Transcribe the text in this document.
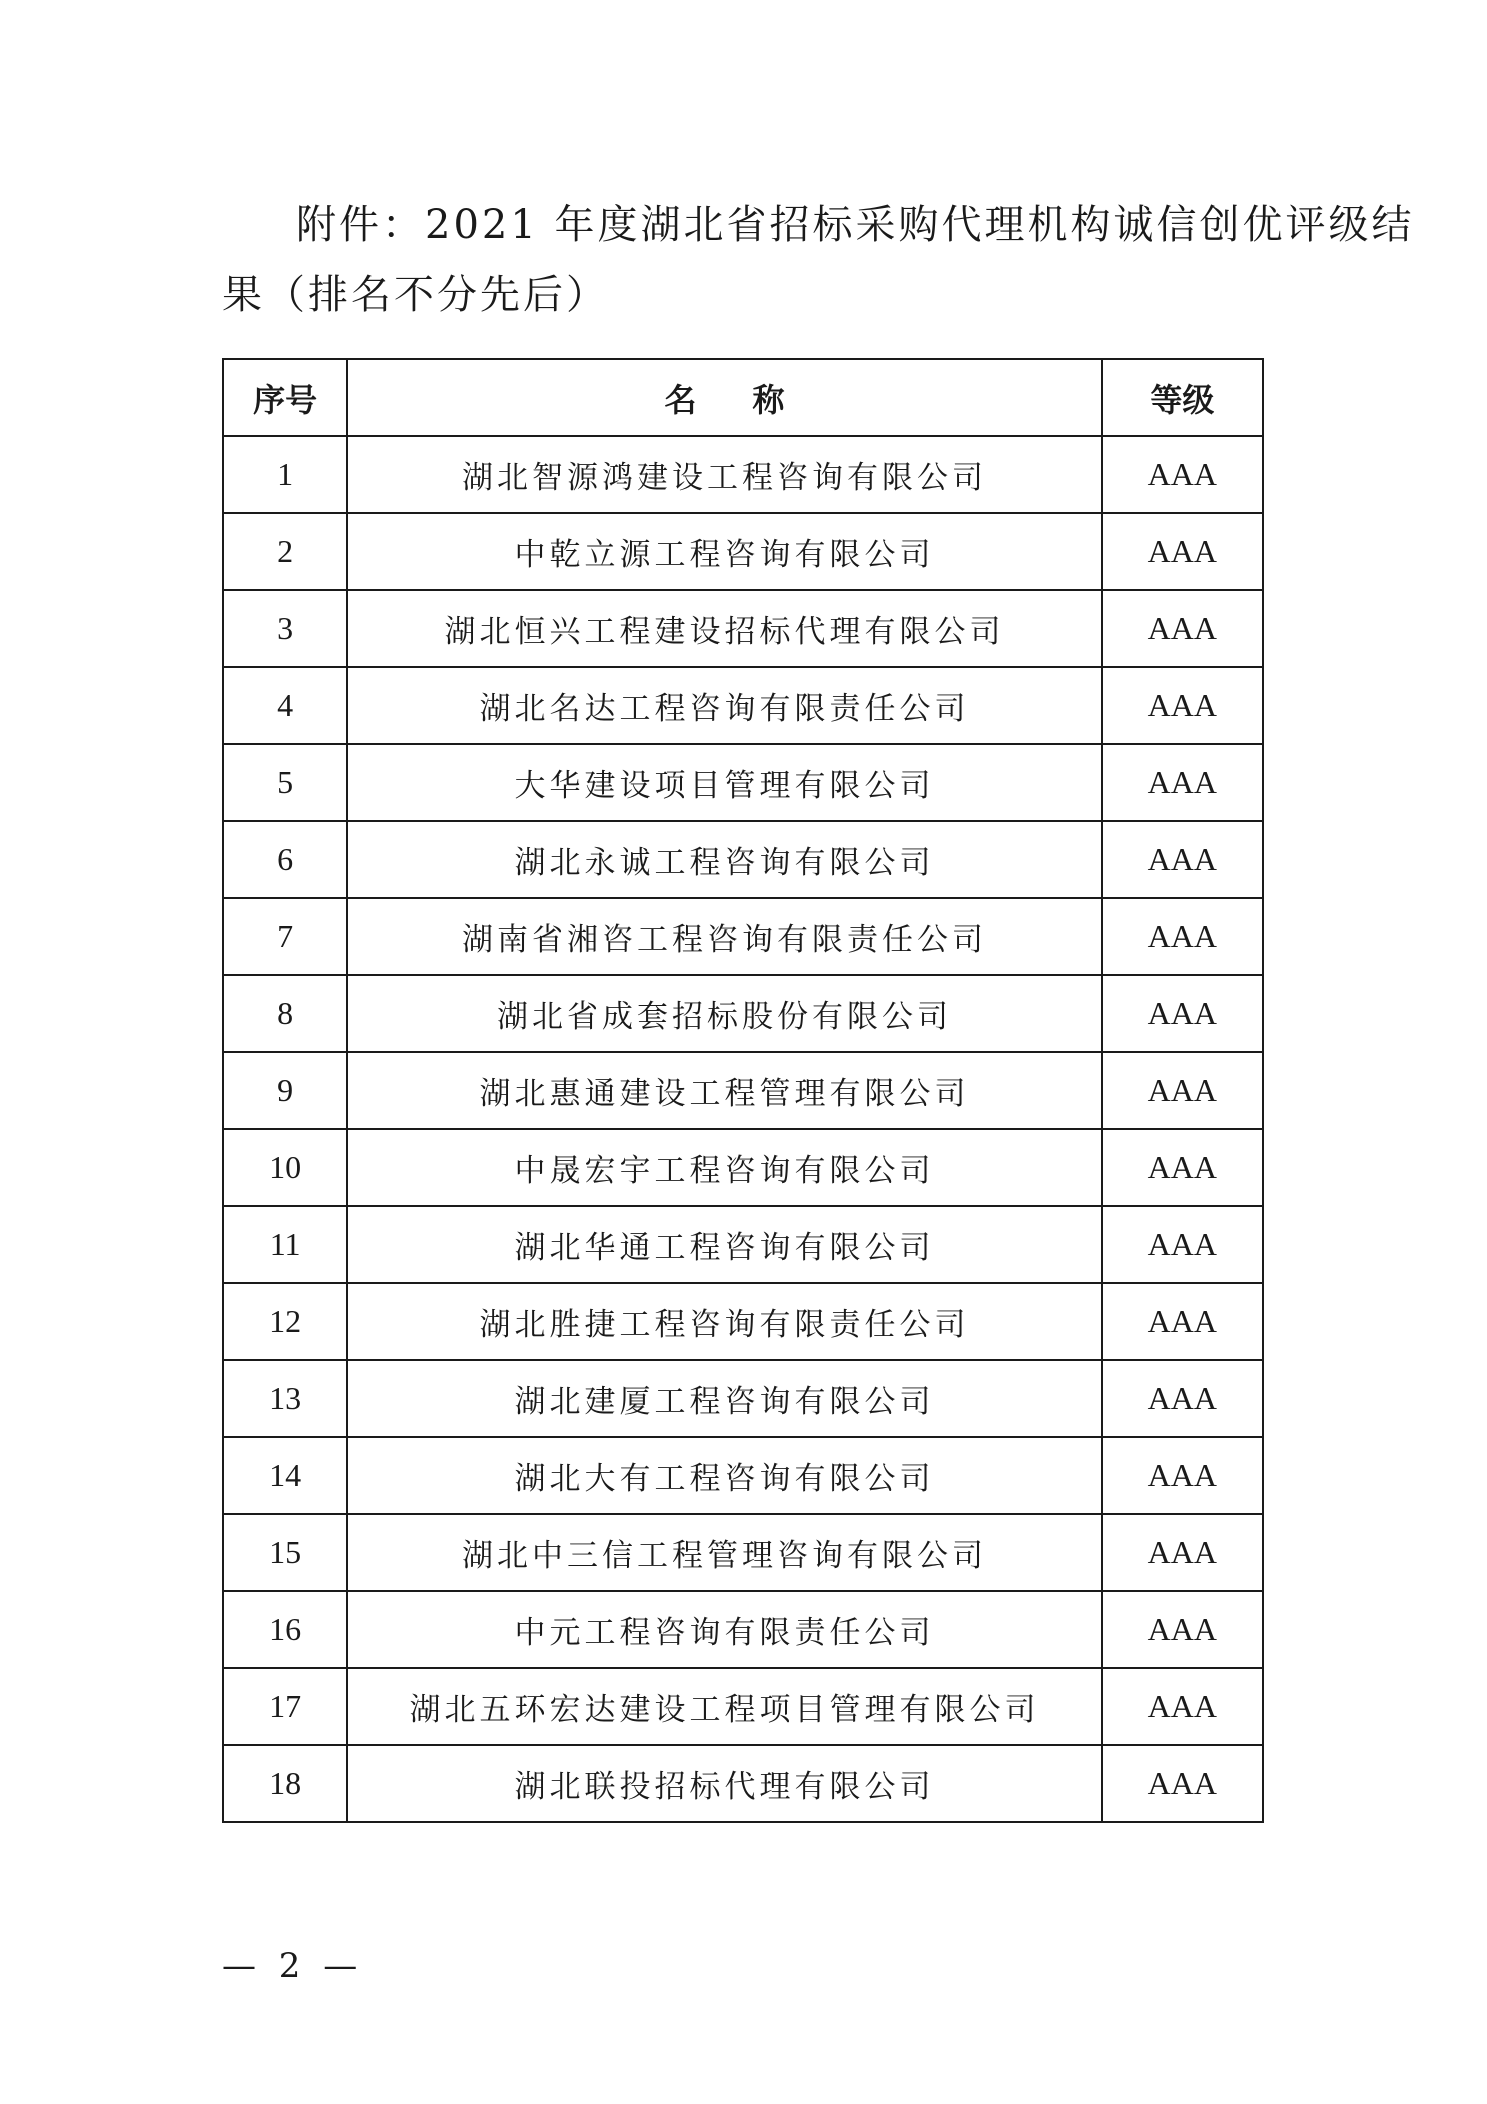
附件：2021 年度湖北省招标采购代理机构诚信创优评级结
果（排名不分先后）
序号	名称	等级
1	湖北智源鸿建设工程咨询有限公司	AAA
2	中乾立源工程咨询有限公司	AAA
3	湖北恒兴工程建设招标代理有限公司	AAA
4	湖北名达工程咨询有限责任公司	AAA
5	大华建设项目管理有限公司	AAA
6	湖北永诚工程咨询有限公司	AAA
7	湖南省湘咨工程咨询有限责任公司	AAA
8	湖北省成套招标股份有限公司	AAA
9	湖北惠通建设工程管理有限公司	AAA
10	中晟宏宇工程咨询有限公司	AAA
11	湖北华通工程咨询有限公司	AAA
12	湖北胜捷工程咨询有限责任公司	AAA
13	湖北建厦工程咨询有限公司	AAA
14	湖北大有工程咨询有限公司	AAA
15	湖北中三信工程管理咨询有限公司	AAA
16	中元工程咨询有限责任公司	AAA
17	湖北五环宏达建设工程项目管理有限公司	AAA
18	湖北联投招标代理有限公司	AAA
— 2 —
